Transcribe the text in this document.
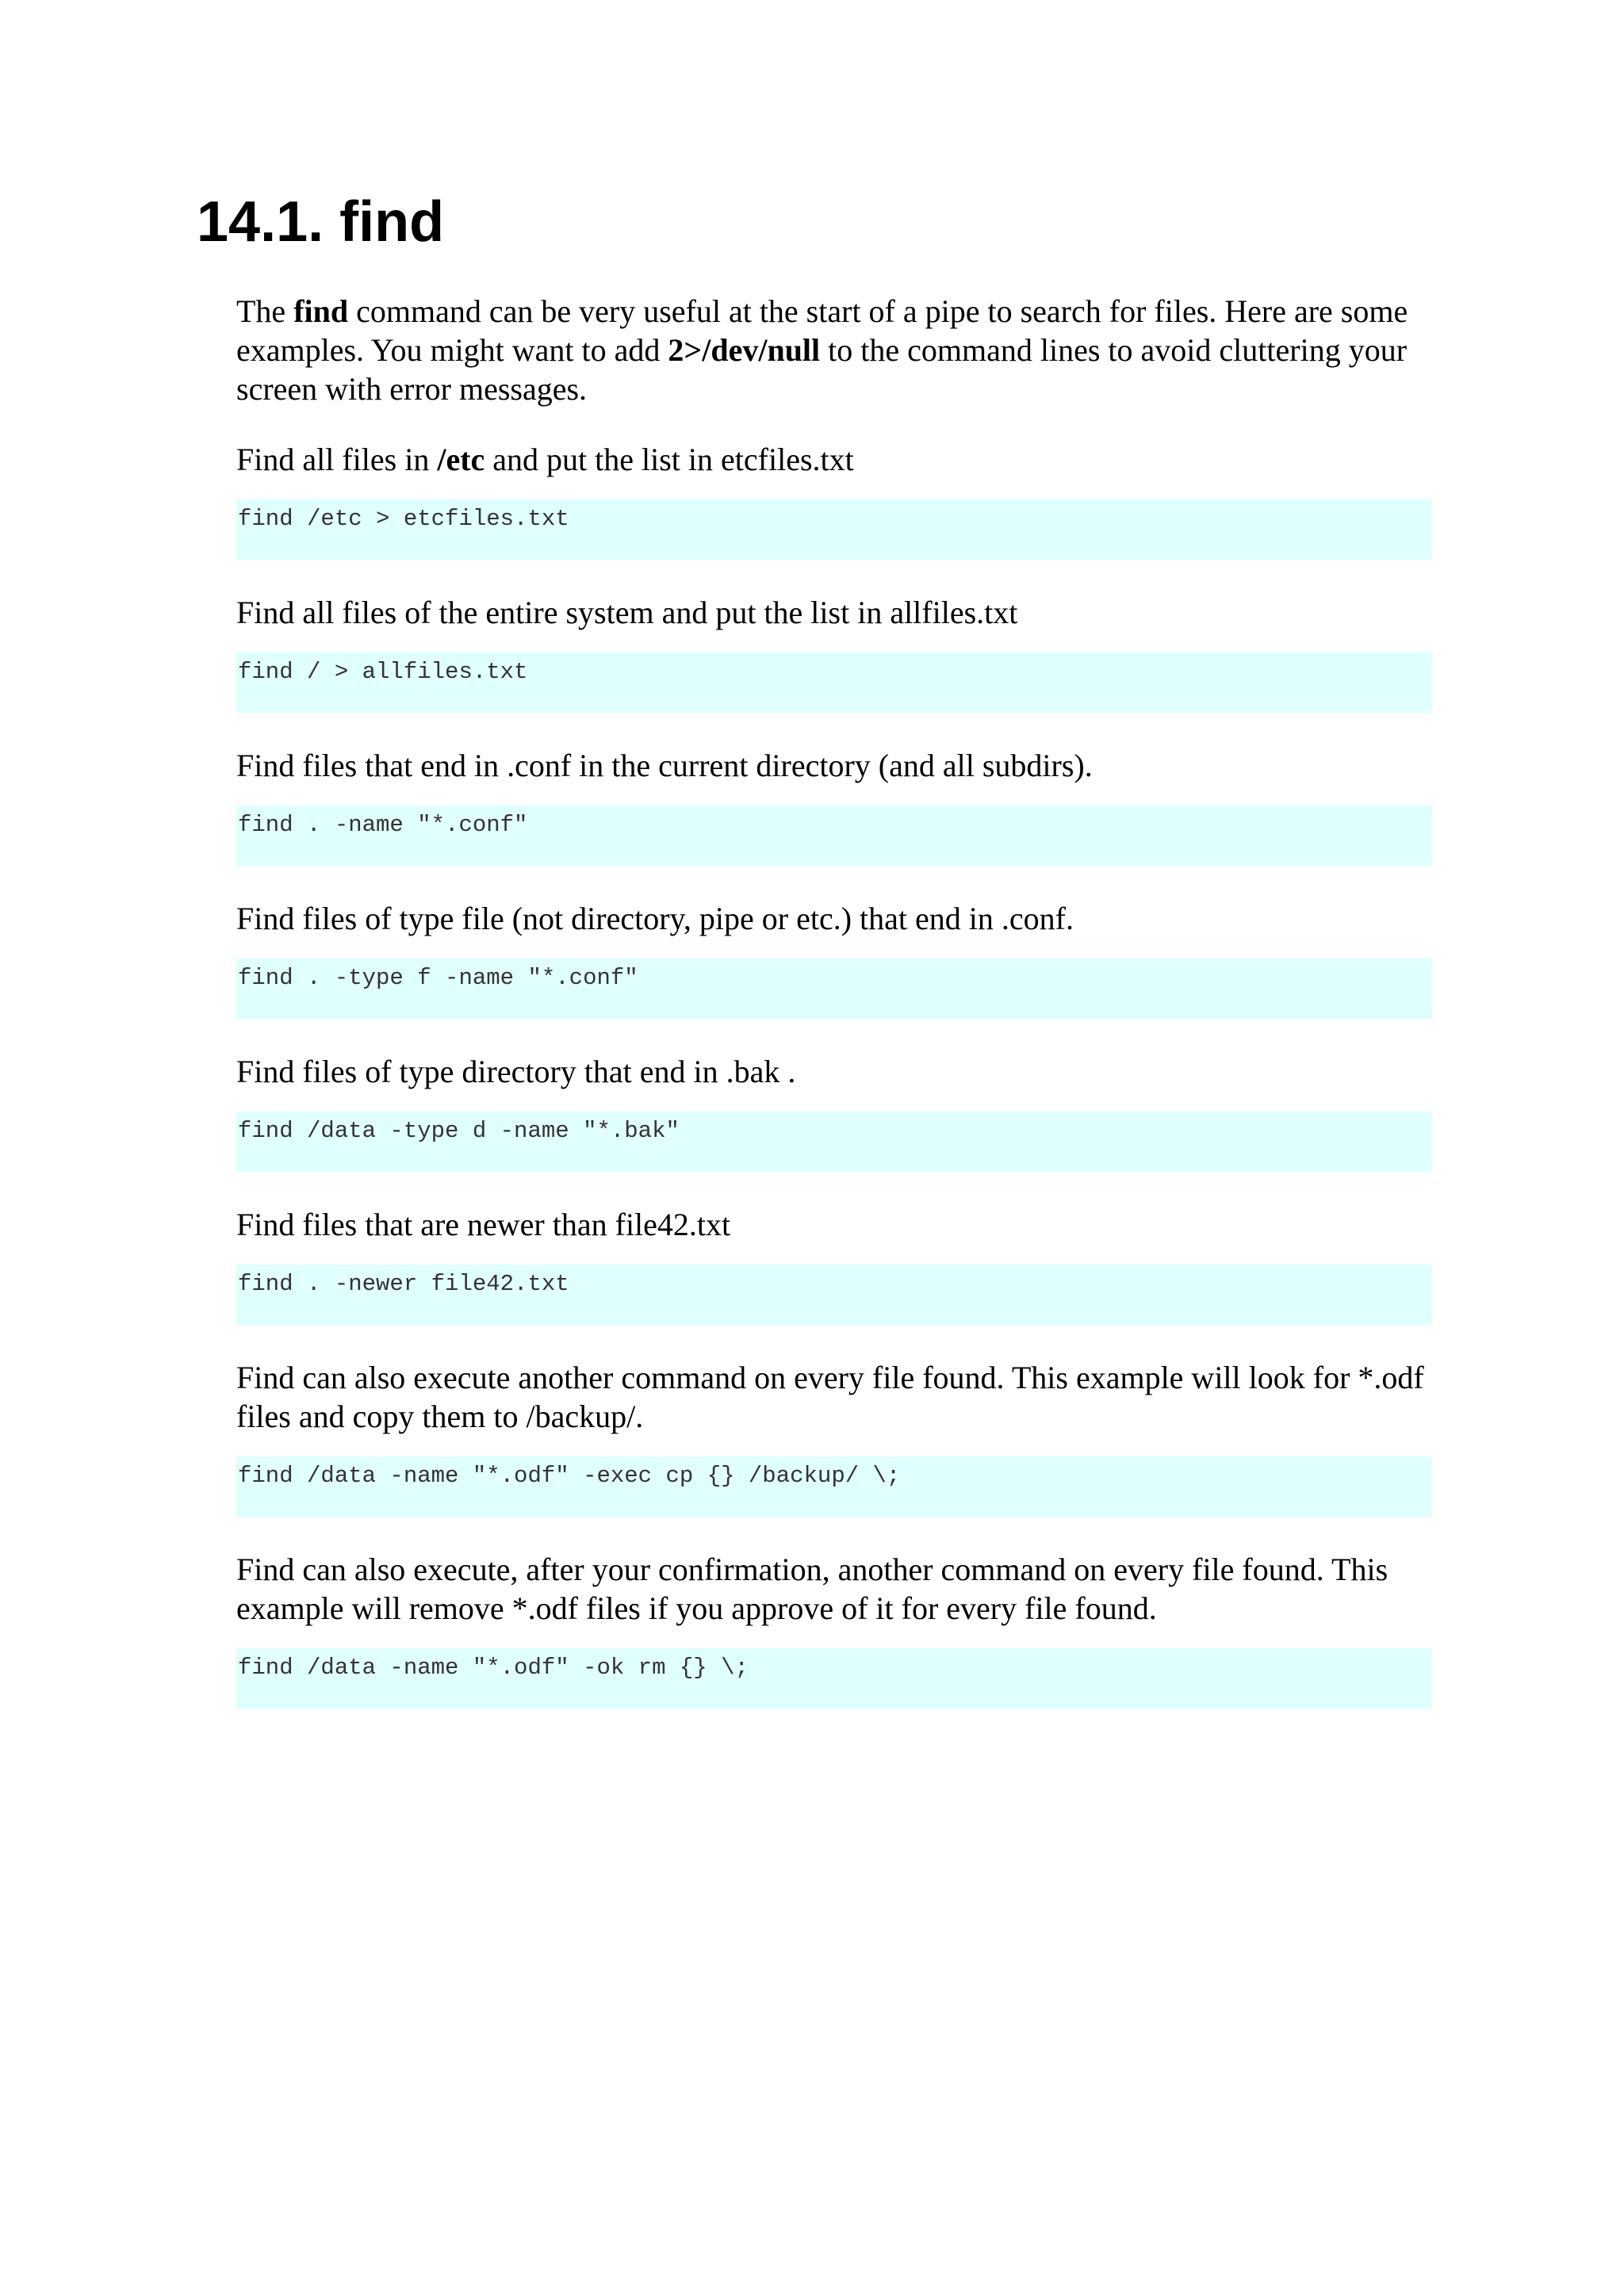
14.1. find

The find command can be very useful at the start of a pipe to search for files. Here are some examples. You might want to add 2>/dev/null to the command lines to avoid cluttering your screen with error messages.

Find all files in /etc and put the list in etcfiles.txt

find /etc > etcfiles.txt

Find all files of the entire system and put the list in allfiles.txt

find / > allfiles.txt

Find files that end in .conf in the current directory (and all subdirs).

find . -name "*.conf"

Find files of type file (not directory, pipe or etc.) that end in .conf.

find . -type f -name "*.conf"

Find files of type directory that end in .bak .

find /data -type d -name "*.bak"

Find files that are newer than file42.txt

find . -newer file42.txt

Find can also execute another command on every file found. This example will look for *.odf files and copy them to /backup/.

find /data -name "*.odf" -exec cp {} /backup/ \;

Find can also execute, after your confirmation, another command on every file found. This example will remove *.odf files if you approve of it for every file found.

find /data -name "*.odf" -ok rm {} \;
